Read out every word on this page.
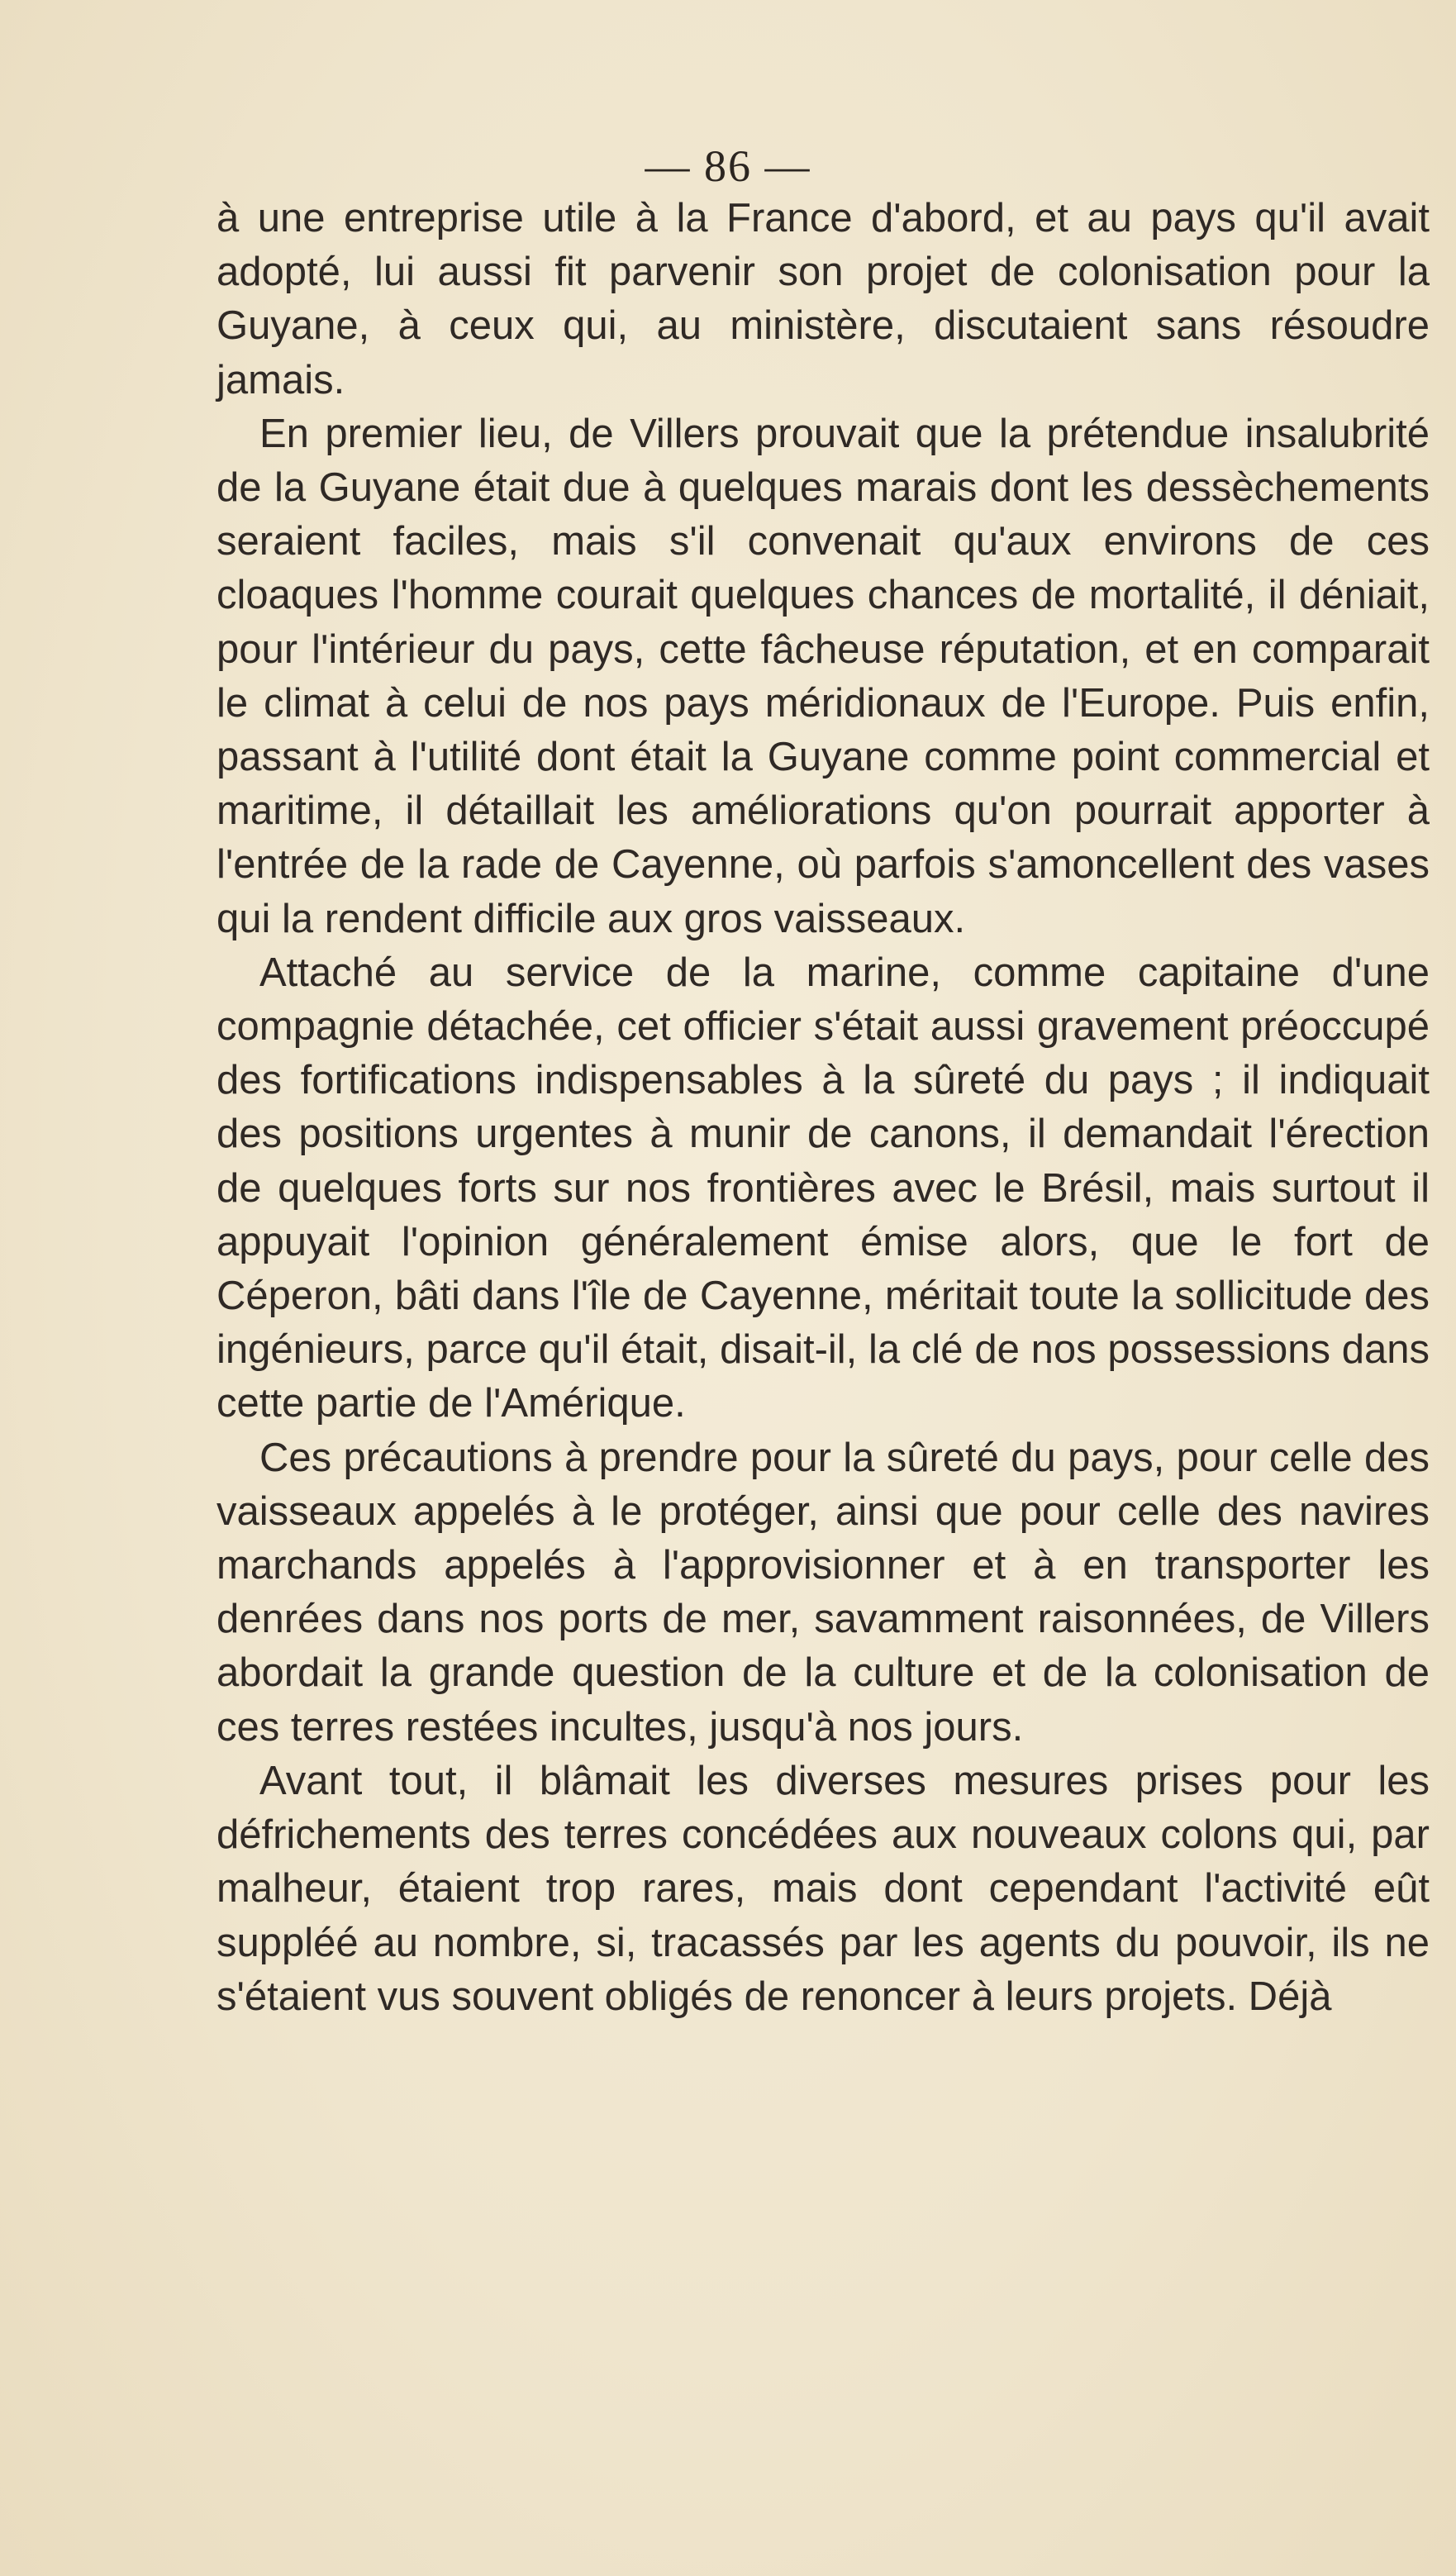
— 86 —

à une entreprise utile à la France d'abord, et au pays qu'il avait adopté, lui aussi fit parvenir son projet de colonisation pour la Guyane, à ceux qui, au ministère, discutaient sans résoudre jamais.

En premier lieu, de Villers prouvait que la prétendue insalubrité de la Guyane était due à quelques marais dont les dessèchements seraient faciles, mais s'il convenait qu'aux environs de ces cloaques l'homme courait quelques chances de mortalité, il déniait, pour l'intérieur du pays, cette fâcheuse réputation, et en comparait le climat à celui de nos pays méridionaux de l'Europe. Puis enfin, passant à l'utilité dont était la Guyane comme point commercial et maritime, il détaillait les améliorations qu'on pourrait apporter à l'entrée de la rade de Cayenne, où parfois s'amoncellent des vases qui la rendent difficile aux gros vaisseaux.

Attaché au service de la marine, comme capitaine d'une compagnie détachée, cet officier s'était aussi gravement préoccupé des fortifications indispensables à la sûreté du pays ; il indiquait des positions urgentes à munir de canons, il demandait l'érection de quelques forts sur nos frontières avec le Brésil, mais surtout il appuyait l'opinion généralement émise alors, que le fort de Céperon, bâti dans l'île de Cayenne, méritait toute la sollicitude des ingénieurs, parce qu'il était, disait-il, la clé de nos possessions dans cette partie de l'Amérique.

Ces précautions à prendre pour la sûreté du pays, pour celle des vaisseaux appelés à le protéger, ainsi que pour celle des navires marchands appelés à l'approvisionner et à en transporter les denrées dans nos ports de mer, savamment raisonnées, de Villers abordait la grande question de la culture et de la colonisation de ces terres restées incultes, jusqu'à nos jours.

Avant tout, il blâmait les diverses mesures prises pour les défrichements des terres concédées aux nouveaux colons qui, par malheur, étaient trop rares, mais dont cependant l'activité eût suppléé au nombre, si, tracassés par les agents du pouvoir, ils ne s'étaient vus souvent obligés de renoncer à leurs projets. Déjà
